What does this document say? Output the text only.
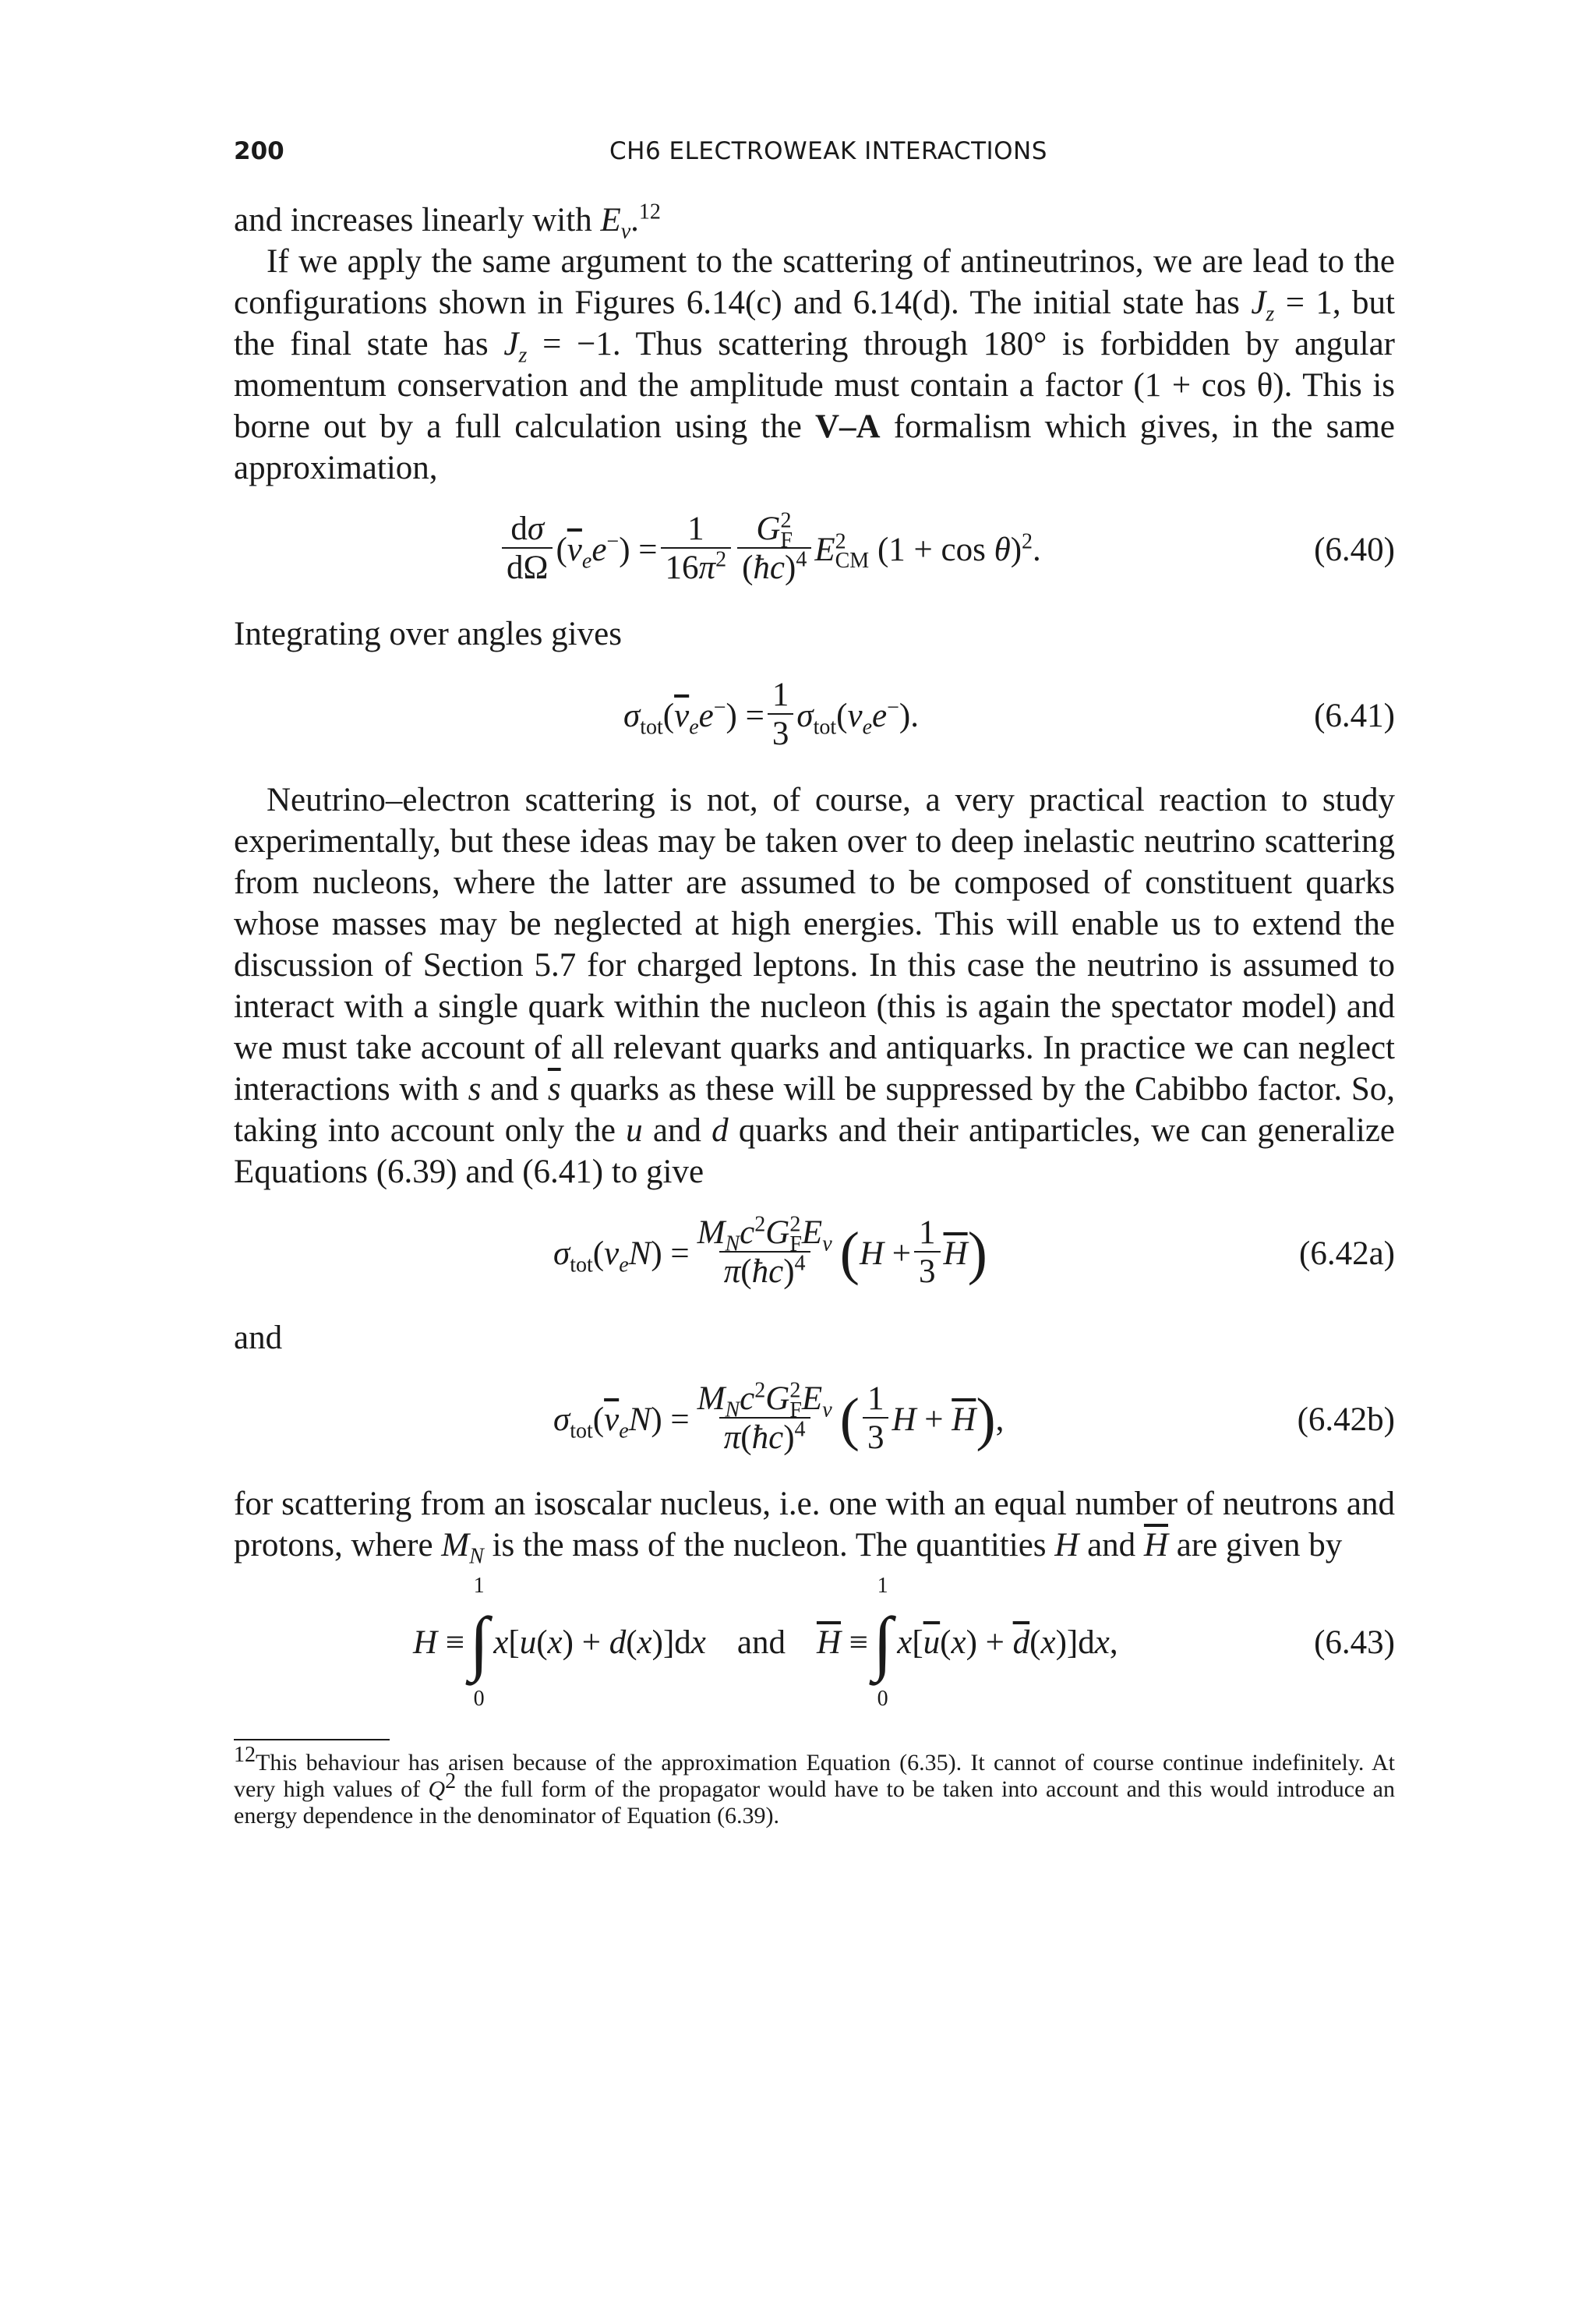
200	CH6 ELECTROWEAK INTERACTIONS

and increases linearly with $E_\nu.^{12}$

If we apply the same argument to the scattering of antineutrinos, we are lead to the configurations shown in Figures 6.14(c) and 6.14(d). The initial state has $J_z = 1$, but the final state has $J_z = -1$. Thus scattering through 180° is forbidden by angular momentum conservation and the amplitude must contain a factor (1 + cos θ). This is borne out by a full calculation using the V–A formalism which gives, in the same approximation,

$\frac{d\sigma}{d\Omega} (\overline{\nu}_ee^-) = \frac{1}{16\pi^2} \frac{G^2_F}{(ħc)^4} E^2_{CM}$ $(1 + \cos \theta)^2$.	(6.40)

Integrating over angles gives

$\sigma_{tot}(\overline{\nu}_ee^-) = \frac{1}{3} \sigma_{tot}(\nu_ee^-)$.	(6.41)

Neutrino–electron scattering is not, of course, a very practical reaction to study experimentally, but these ideas may be taken over to deep inelastic neutrino scattering from nucleons, where the latter are assumed to be composed of constituent quarks whose masses may be neglected at high energies. This will enable us to extend the discussion of Section 5.7 for charged leptons. In this case the neutrino is assumed to interact with a single quark within the nucleon (this is again the spectator model) and we must take account of all relevant quarks and antiquarks. In practice we can neglect interactions with s and $\overline{s}$ quarks as these will be suppressed by the Cabibbo factor. So, taking into account only the u and d quarks and their antiparticles, we can generalize Equations (6.39) and (6.41) to give

$\sigma_{tot}(\nu_eN) = \frac{M_Nc^2G^2_FE_\nu}{\pi(ħc)^4}$ ( $H + \frac{1}{3} \overline{H}$ )	(6.42a)

and

$\sigma_{tot}(\overline{\nu}_eN) = \frac{M_Nc^2G^2_FE_\nu}{\pi(ħc)^4}$ ( $\frac{1}{3}$ $H + \overline{H}$ ) ,	(6.42b)

for scattering from an isoscalar nucleus, i.e. one with an equal number of neutrons and protons, where $M_N$ is the mass of the nucleon. The quantities H and $\overline{H}$ are given by

H ≡
1
∫
0
x[u(x) + d(x)]dx and $\overline{H}$ ≡
1
∫
0
$x[\overline{u}(x) + \overline{d}(x)]dx$,	(6.43)

$^{12}$This behaviour has arisen because of the approximation Equation (6.35). It cannot of course continue indefinitely. At very high values of $Q^2$ the full form of the propagator would have to be taken into account and this would introduce an energy dependence in the denominator of Equation (6.39).
